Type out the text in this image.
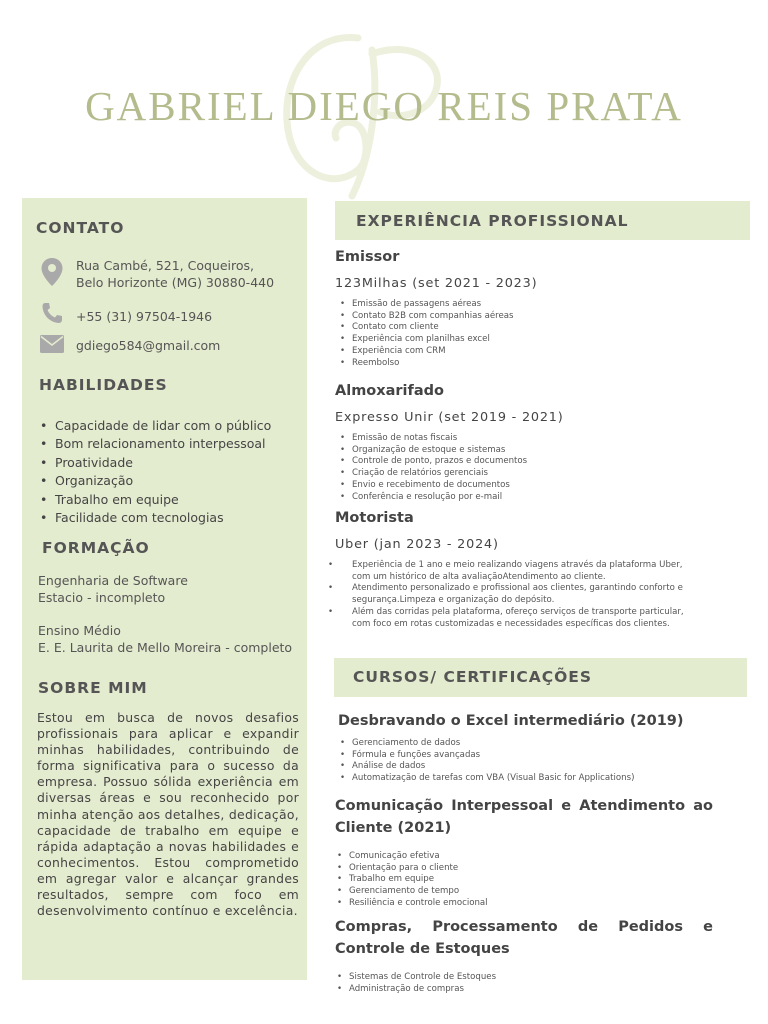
GABRIEL DIEGO REIS PRATA
CONTATO
Rua Cambé, 521, Coqueiros,
Belo Horizonte (MG) 30880-440
+55 (31) 97504-1946
gdiego584@gmail.com
HABILIDADES
• Capacidade de lidar com o público
• Bom relacionamento interpessoal
• Proatividade
• Organização
• Trabalho em equipe
• Facilidade com tecnologias
FORMAÇÃO
Engenharia de Software
Estacio - incompleto
Ensino Médio
E. E. Laurita de Mello Moreira - completo
SOBRE MIM
Estou em busca de novos desafios profissionais para aplicar e expandir minhas habilidades, contribuindo de forma significativa para o sucesso da empresa. Possuo sólida experiência em diversas áreas e sou reconhecido por minha atenção aos detalhes, dedicação, capacidade de trabalho em equipe e rápida adaptação a novas habilidades e conhecimentos. Estou comprometido em agregar valor e alcançar grandes resultados, sempre com foco em desenvolvimento contínuo e excelência.
EXPERIÊNCIA PROFISSIONAL
Emissor
123Milhas (set 2021 - 2023)
• Emissão de passagens aéreas
• Contato B2B com companhias aéreas
• Contato com cliente
• Experiência com planilhas excel
• Experiência com CRM
• Reembolso
Almoxarifado
Expresso Unir (set 2019 - 2021)
• Emissão de notas fiscais
• Organização de estoque e sistemas
• Controle de ponto, prazos e documentos
• Criação de relatórios gerenciais
• Envio e recebimento de documentos
• Conferência e resolução por e-mail
Motorista
Uber (jan 2023 - 2024)
• Experiência de 1 ano e meio realizando viagens através da plataforma Uber, com um histórico de alta avaliaçãoAtendimento ao cliente.
• Atendimento personalizado e profissional aos clientes, garantindo conforto e segurança.Limpeza e organização do depósito.
• Além das corridas pela plataforma, ofereço serviços de transporte particular, com foco em rotas customizadas e necessidades específicas dos clientes.
CURSOS/ CERTIFICAÇÕES
Desbravando o Excel intermediário (2019)
• Gerenciamento de dados
• Fórmula e funções avançadas
• Análise de dados
• Automatização de tarefas com VBA (Visual Basic for Applications)
Comunicação Interpessoal e Atendimento ao Cliente (2021)
• Comunicação efetiva
• Orientação para o cliente
• Trabalho em equipe
• Gerenciamento de tempo
• Resiliência e controle emocional
Compras, Processamento de Pedidos e Controle de Estoques
• Sistemas de Controle de Estoques
• Administração de compras
